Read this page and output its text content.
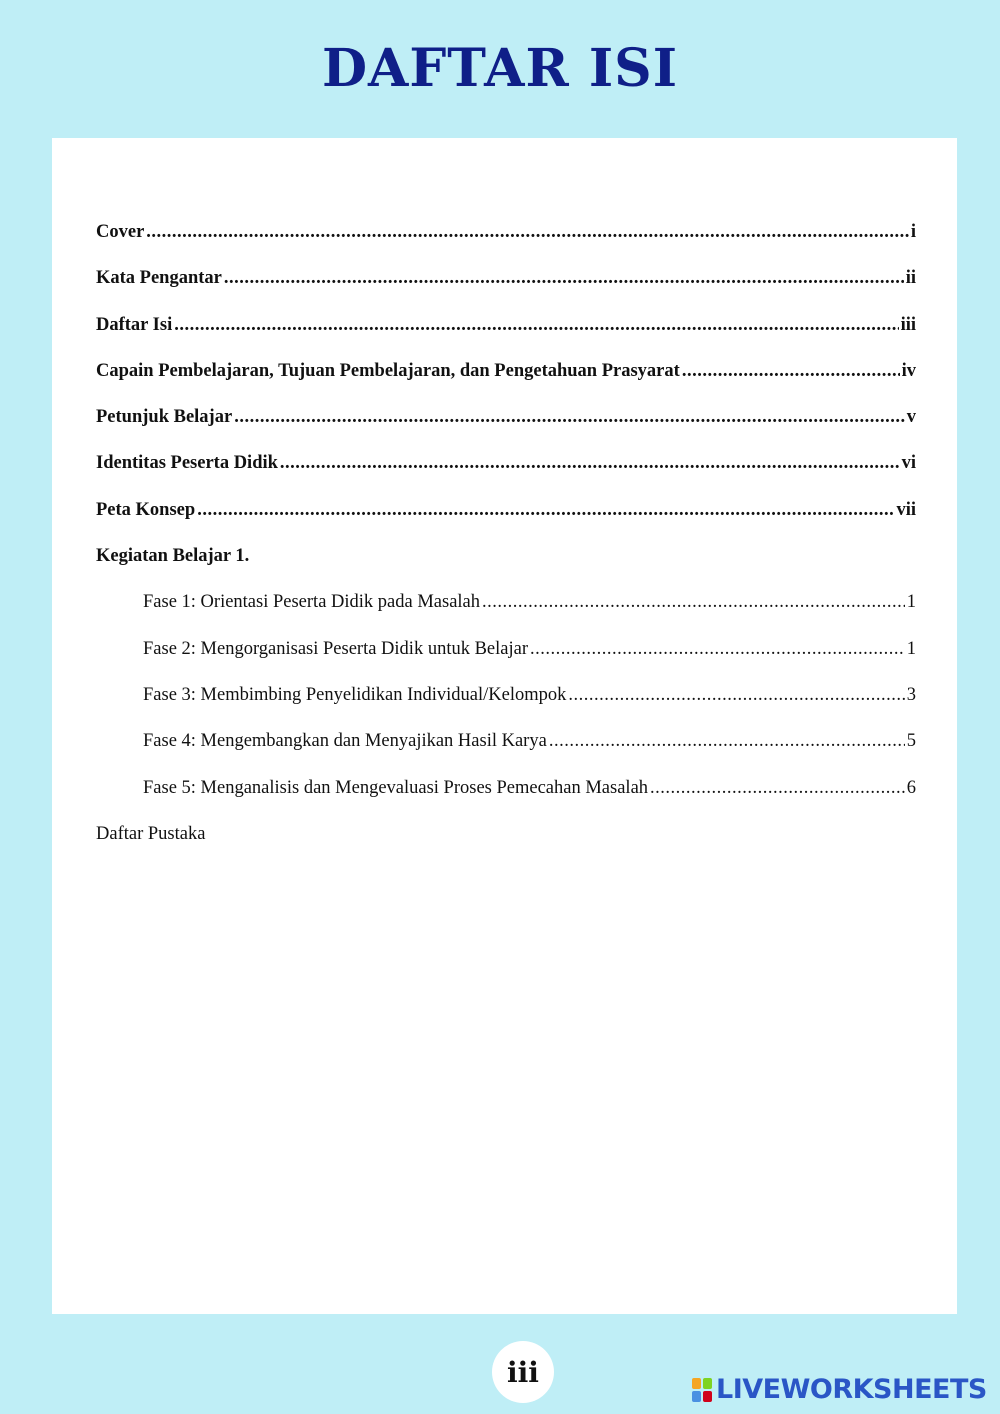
DAFTAR ISI
Cover .....	i
Kata Pengantar .....	ii
Daftar Isi .....	iii
Capain Pembelajaran, Tujuan Pembelajaran, dan Pengetahuan Prasyarat .....	iv
Petunjuk Belajar .....	v
Identitas Peserta Didik .....	vi
Peta Konsep .....	vii
Kegiatan Belajar 1.
Fase 1: Orientasi Peserta Didik pada Masalah .....	1
Fase 2: Mengorganisasi Peserta Didik untuk Belajar .....	1
Fase 3: Membimbing Penyelidikan Individual/Kelompok .....	3
Fase 4: Mengembangkan dan Menyajikan Hasil Karya .....	5
Fase 5: Menganalisis dan Mengevaluasi Proses Pemecahan Masalah .....	6
Daftar Pustaka
iii
LIVEWORKSHEETS
